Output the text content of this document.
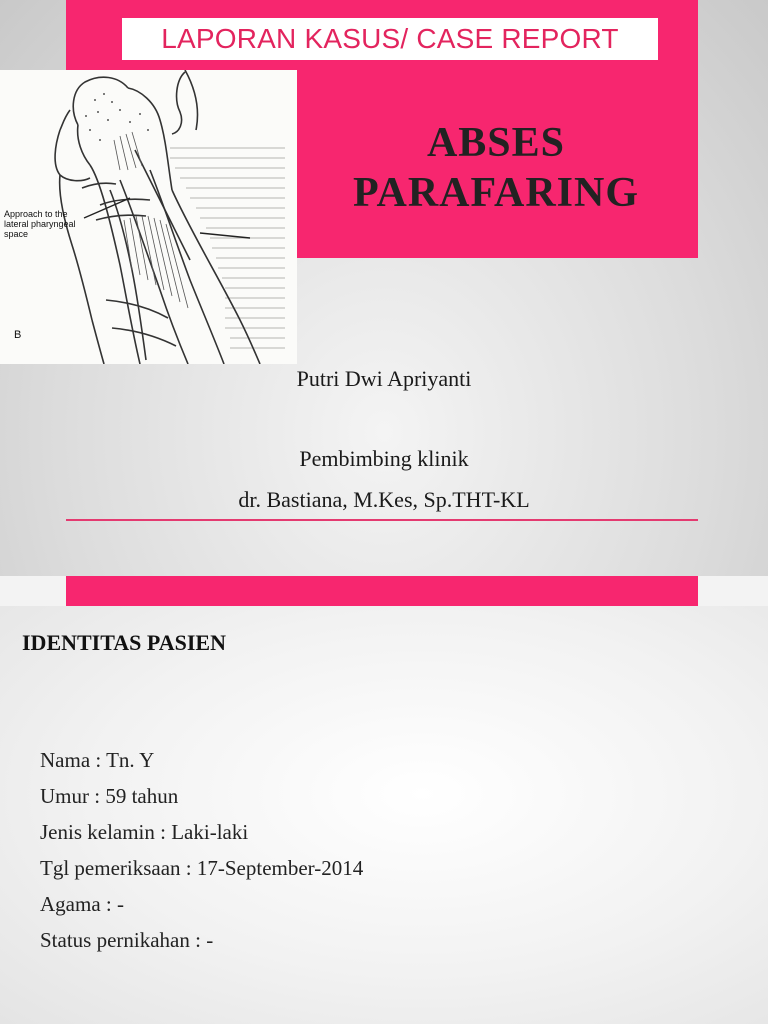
LAPORAN KASUS/ CASE REPORT
Approach to the
lateral pharyngeal
space
B
ABSES
PARAFARING
Putri Dwi Apriyanti
Pembimbing klinik
dr. Bastiana, M.Kes, Sp.THT-KL
IDENTITAS PASIEN
Nama : Tn. Y
Umur : 59 tahun
Jenis kelamin : Laki-laki
Tgl pemeriksaan : 17-September-2014
Agama : -
Status pernikahan : -
